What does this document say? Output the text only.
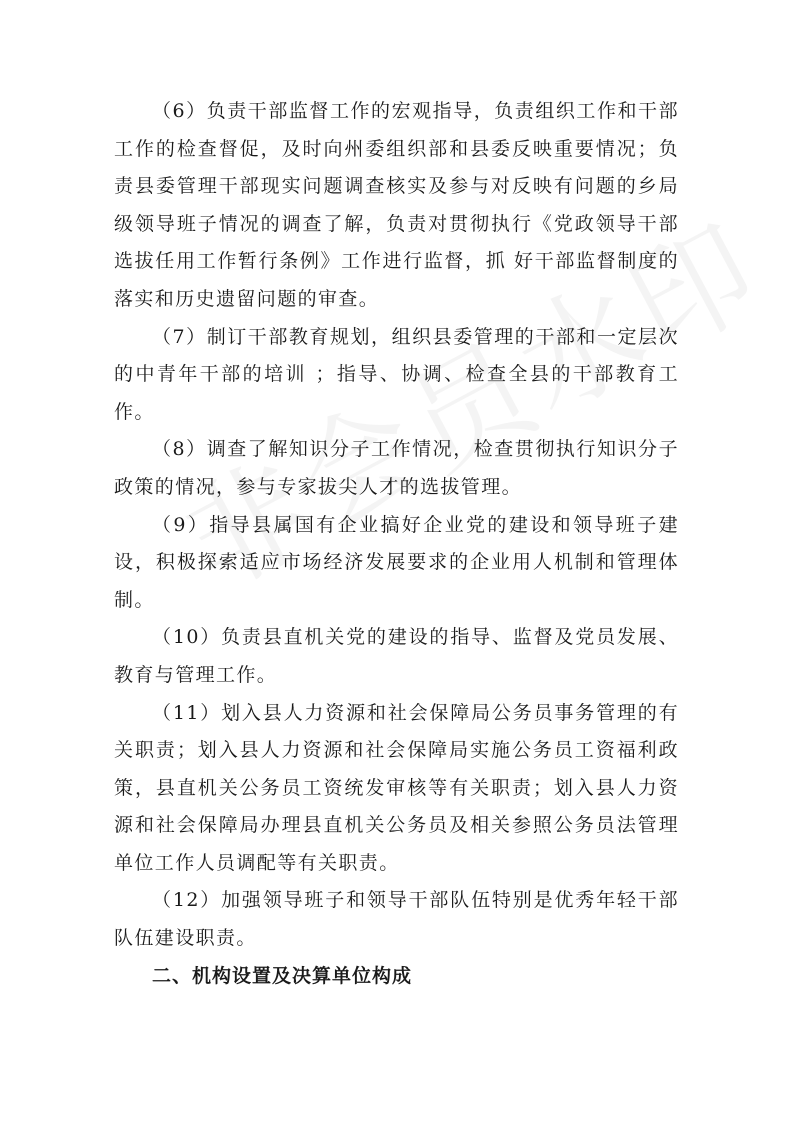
（6）负责干部监督工作的宏观指导，负责组织工作和干部工作的检查督促，及时向州委组织部和县委反映重要情况；负责县委管理干部现实问题调查核实及参与对反映有问题的乡局级领导班子情况的调查了解，负责对贯彻执行《党政领导干部选拔任用工作暂行条例》工作进行监督，抓 好干部监督制度的落实和历史遗留问题的审查。

（7）制订干部教育规划，组织县委管理的干部和一定层次的中青年干部的培训 ；指导、协调、检查全县的干部教育工作。

（8）调查了解知识分子工作情况，检查贯彻执行知识分子政策的情况，参与专家拔尖人才的选拔管理。

（9）指导县属国有企业搞好企业党的建设和领导班子建设，积极探索适应市场经济发展要求的企业用人机制和管理体制。

（10）负责县直机关党的建设的指导、监督及党员发展、教育与管理工作。

（11）划入县人力资源和社会保障局公务员事务管理的有关职责；划入县人力资源和社会保障局实施公务员工资福利政策，县直机关公务员工资统发审核等有关职责；划入县人力资源和社会保障局办理县直机关公务员及相关参照公务员法管理单位工作人员调配等有关职责。

（12）加强领导班子和领导干部队伍特别是优秀年轻干部队伍建设职责。

二、机构设置及决算单位构成
